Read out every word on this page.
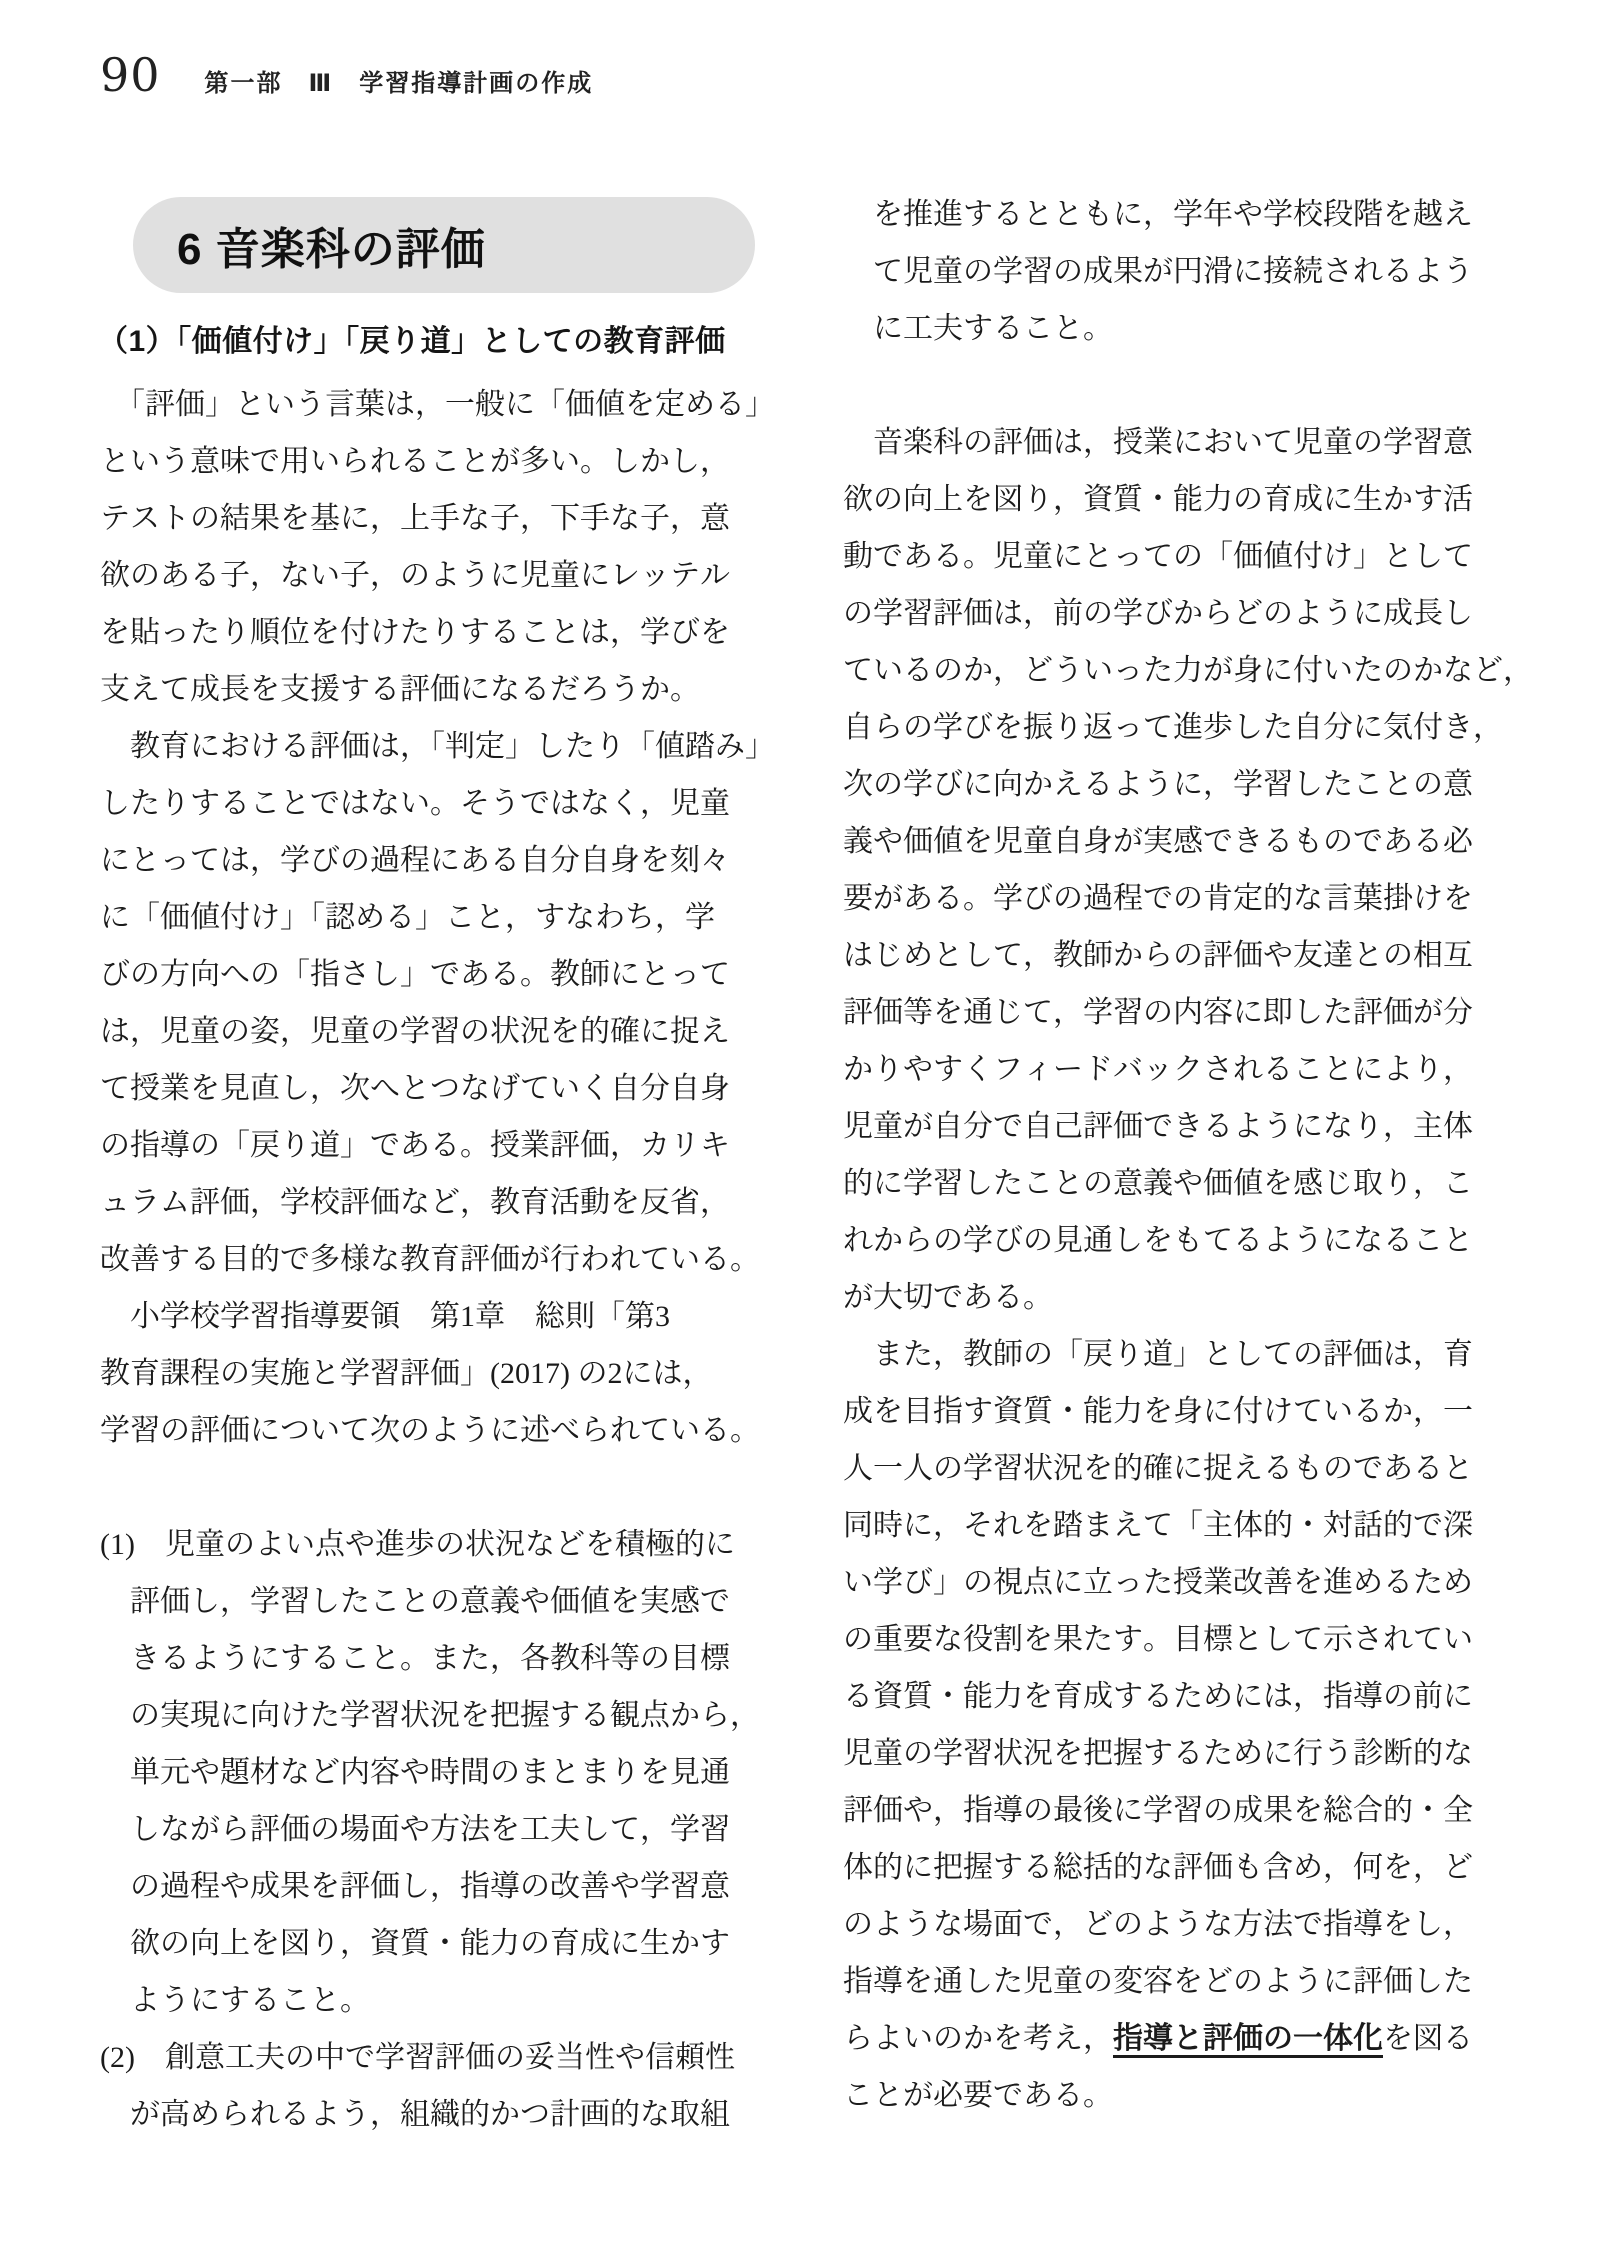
90 第一部　Ⅲ　学習指導計画の作成
6 音楽科の評価
（1）「価値付け」「戻り道」としての教育評価
　「評価」という言葉は，一般に「価値を定める」
という意味で用いられることが多い。しかし，
テストの結果を基に，上手な子，下手な子，意
欲のある子，ない子，のように児童にレッテル
を貼ったり順位を付けたりすることは，学びを
支えて成長を支援する評価になるだろうか。
　教育における評価は，「判定」したり「値踏み」
したりすることではない。そうではなく，児童
にとっては，学びの過程にある自分自身を刻々
に「価値付け」「認める」こと，すなわち，学
びの方向への「指さし」である。教師にとって
は，児童の姿，児童の学習の状況を的確に捉え
て授業を見直し，次へとつなげていく自分自身
の指導の「戻り道」である。授業評価，カリキ
ュラム評価，学校評価など，教育活動を反省，
改善する目的で多様な教育評価が行われている。
　小学校学習指導要領　第1章　総則「第3
教育課程の実施と学習評価」(2017) の2には，
学習の評価について次のように述べられている。
(1)　児童のよい点や進歩の状況などを積極的に
　評価し，学習したことの意義や価値を実感で
　きるようにすること。また，各教科等の目標
　の実現に向けた学習状況を把握する観点から，
　単元や題材など内容や時間のまとまりを見通
　しながら評価の場面や方法を工夫して，学習
　の過程や成果を評価し，指導の改善や学習意
　欲の向上を図り，資質・能力の育成に生かす
　ようにすること。
(2)　創意工夫の中で学習評価の妥当性や信頼性
　が高められるよう，組織的かつ計画的な取組
　を推進するとともに，学年や学校段階を越え
　て児童の学習の成果が円滑に接続されるよう
　に工夫すること。
　音楽科の評価は，授業において児童の学習意
欲の向上を図り，資質・能力の育成に生かす活
動である。児童にとっての「価値付け」として
の学習評価は，前の学びからどのように成長し
ているのか，どういった力が身に付いたのかなど，
自らの学びを振り返って進歩した自分に気付き，
次の学びに向かえるように，学習したことの意
義や価値を児童自身が実感できるものである必
要がある。学びの過程での肯定的な言葉掛けを
はじめとして，教師からの評価や友達との相互
評価等を通じて，学習の内容に即した評価が分
かりやすくフィードバックされることにより，
児童が自分で自己評価できるようになり，主体
的に学習したことの意義や価値を感じ取り，こ
れからの学びの見通しをもてるようになること
が大切である。
　また，教師の「戻り道」としての評価は，育
成を目指す資質・能力を身に付けているか，一
人一人の学習状況を的確に捉えるものであると
同時に，それを踏まえて「主体的・対話的で深
い学び」の視点に立った授業改善を進めるため
の重要な役割を果たす。目標として示されてい
る資質・能力を育成するためには，指導の前に
児童の学習状況を把握するために行う診断的な
評価や，指導の最後に学習の成果を総合的・全
体的に把握する総括的な評価も含め，何を，ど
のような場面で，どのような方法で指導をし，
指導を通した児童の変容をどのように評価した
らよいのかを考え，指導と評価の一体化を図る
ことが必要である。
